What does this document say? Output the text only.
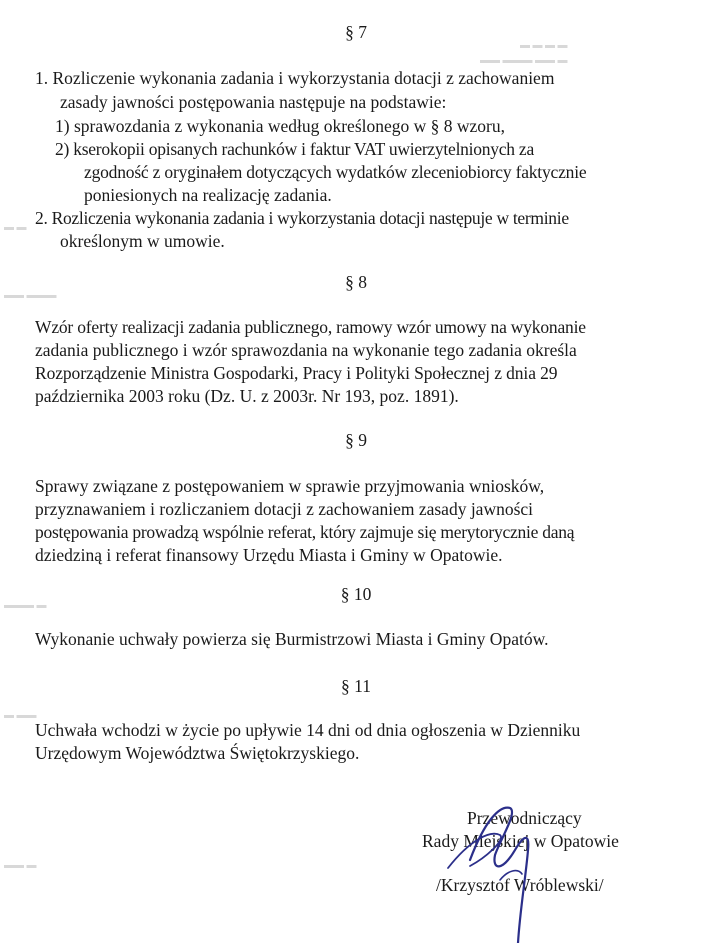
▬ ▬ ▬ ▬
▬▬ ▬▬▬ ▬▬ ▬
▬ ▬
▬▬ ▬▬▬
▬▬▬ ▬
▬ ▬▬
▬▬ ▬
§ 7
1. Rozliczenie wykonania zadania i wykorzystania dotacji z zachowaniem
zasady jawności postępowania następuje na podstawie:
1) sprawozdania z wykonania według określonego w § 8 wzoru,
2) kserokopii opisanych rachunków i faktur VAT uwierzytelnionych za
zgodność z oryginałem dotyczących wydatków zleceniobiorcy faktycznie
poniesionych na realizację zadania.
2. Rozliczenia wykonania zadania i wykorzystania dotacji następuje w terminie
określonym w umowie.
§ 8
Wzór oferty realizacji zadania publicznego, ramowy wzór umowy na wykonanie
zadania publicznego i wzór sprawozdania na wykonanie tego zadania określa
Rozporządzenie Ministra Gospodarki, Pracy i Polityki Społecznej z dnia 29
października 2003 roku (Dz. U. z 2003r. Nr 193, poz. 1891).
§ 9
Sprawy związane z postępowaniem w sprawie przyjmowania wniosków,
przyznawaniem i rozliczaniem dotacji z zachowaniem zasady jawności
postępowania prowadzą wspólnie referat, który zajmuje się merytorycznie daną
dziedziną i referat finansowy Urzędu Miasta i Gminy w Opatowie.
§ 10
Wykonanie uchwały powierza się Burmistrzowi Miasta i Gminy Opatów.
§ 11
Uchwała wchodzi w życie po upływie 14 dni od dnia ogłoszenia w Dzienniku
Urzędowym Województwa Świętokrzyskiego.
Przewodniczący
Rady Miejskiej w Opatowie
/Krzysztof Wróblewski/
